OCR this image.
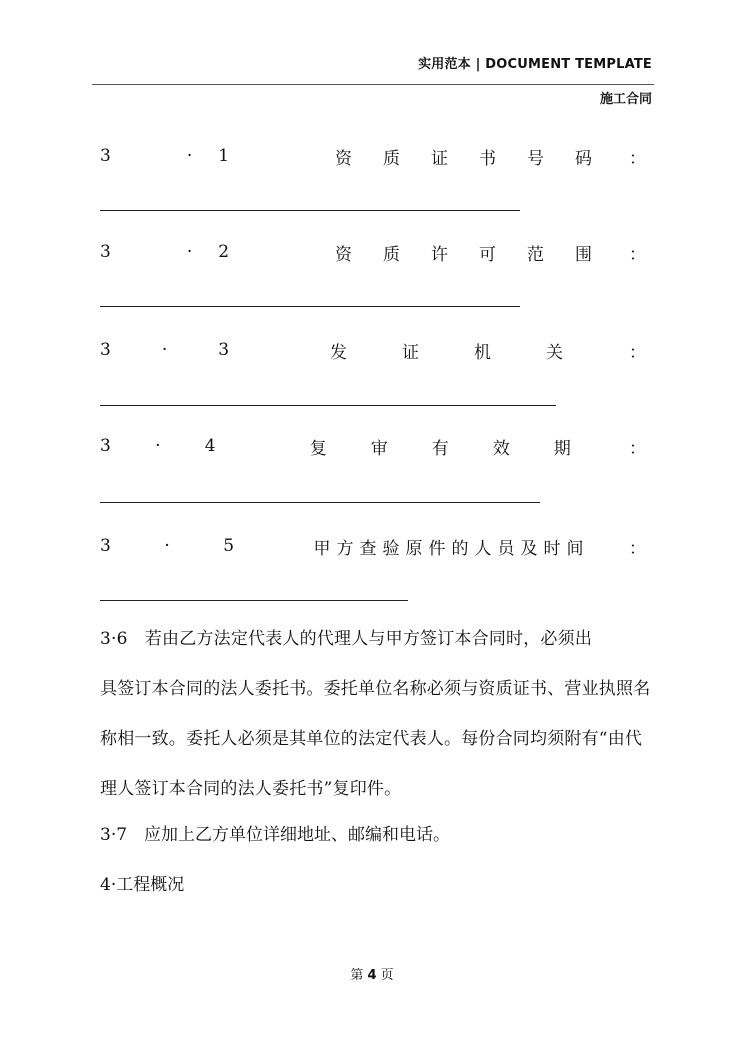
实用范本 | DOCUMENT TEMPLATE
施工合同
3	· 1	资质证书号码 ：
3	· 2	资质许可范围 ：
3	·	3	发证机关 ：
3	·	4	复审有效期 ：
3	·	5	甲方查验原件的人员及时间 ：

3·6　若由乙方法定代表人的代理人与甲方签订本合同时，必须出
具签订本合同的法人委托书。委托单位名称必须与资质证书、营业执照名称相一致。委托人必须是其单位的法定代表人。每份合同均须附有“由代理人签订本合同的法人委托书”复印件。

3·7　应加上乙方单位详细地址、邮编和电话。

4·工程概况

第 4 页
